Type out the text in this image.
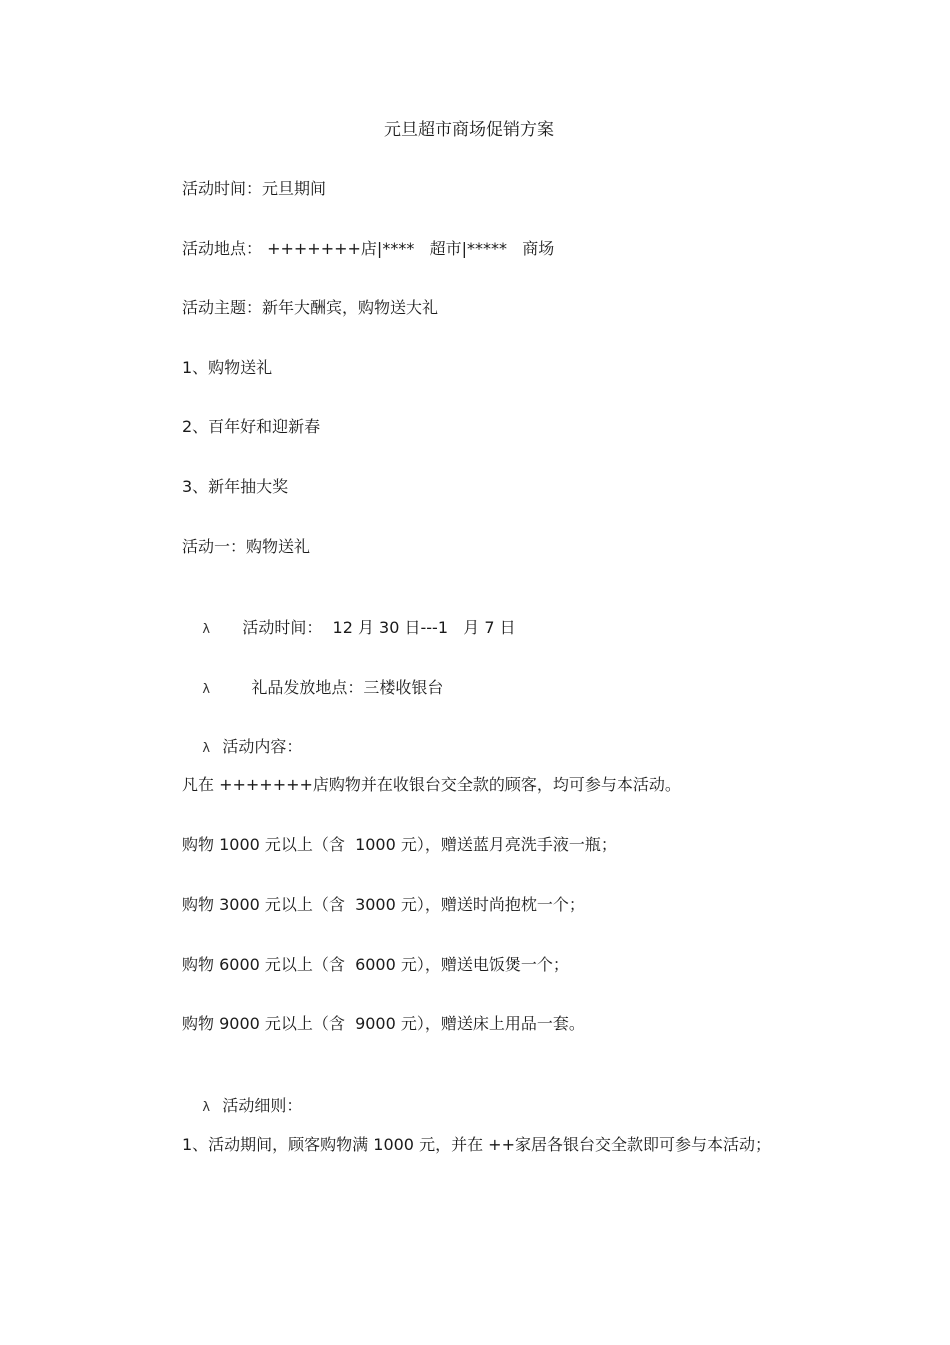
元旦超市商场促销方案
活动时间：元旦期间
活动地点： +++++++店|****   超市|*****   商场
活动主题：新年大酬宾，购物送大礼
1、购物送礼
2、百年好和迎新春
3、新年抽大奖
活动一：购物送礼

λ 活动时间：  12 月 30 日---1   月 7 日

λ	礼品发放地点：三楼收银台

λ 活动内容：

凡在 +++++++店购物并在收银台交全款的顾客，均可参与本活动。
购物 1000 元以上（含  1000 元），赠送蓝月亮洗手液一瓶；
购物 3000 元以上（含  3000 元），赠送时尚抱枕一个；
购物 6000 元以上（含  6000 元），赠送电饭煲一个；
购物 9000 元以上（含  9000 元），赠送床上用品一套。

λ 活动细则：

1、活动期间，顾客购物满 1000 元，并在 ++家居各银台交全款即可参与本活动；
